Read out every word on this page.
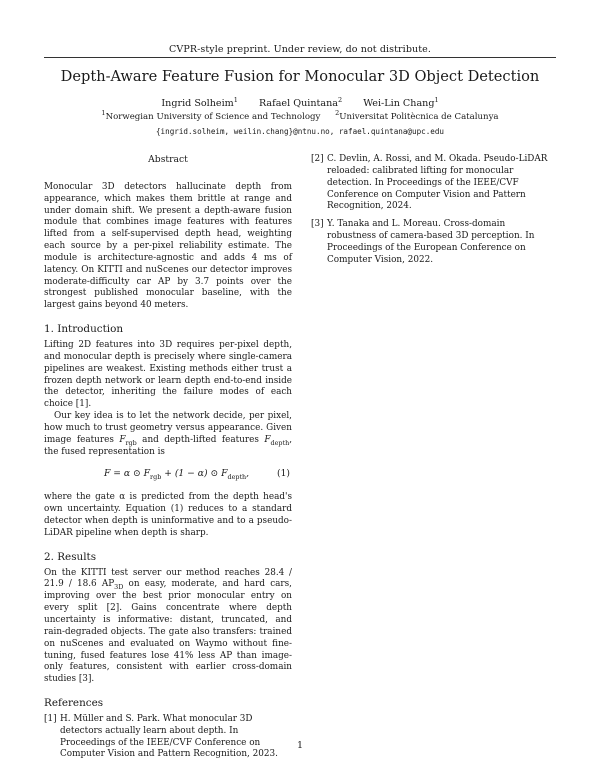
CVPR-style preprint. Under review, do not distribute.
Depth-Aware Feature Fusion for Monocular 3D Object Detection
Ingrid Solheim$^1$ Rafael Quintana$^2$ Wei-Lin Chang$^1$
$^1$Norwegian University of Science and Technology $^2$Universitat Politècnica de Catalunya
{ingrid.solheim, weilin.chang}@ntnu.no, rafael.quintana@upc.edu
Abstract

Monocular 3D detectors hallucinate depth from appearance, which makes them brittle at range and under domain shift. We present a depth-aware fusion module that combines image features with features lifted from a self-supervised depth head, weighting each source by a per-pixel reliability estimate. The module is architecture-agnostic and adds 4 ms of latency. On KITTI and nuScenes our detector improves moderate-difficulty car AP by 3.7 points over the strongest published monocular baseline, with the largest gains beyond 40 meters.

1. Introduction

Lifting 2D features into 3D requires per-pixel depth, and monocular depth is precisely where single-camera pipelines are weakest. Existing methods either trust a frozen depth network or learn depth end-to-end inside the detector, inheriting the failure modes of each choice [1].

Our key idea is to let the network decide, per pixel, how much to trust geometry versus appearance. Given image features $F_{rgb}$ and depth-lifted features $F_{depth}$, the fused representation is

F = α ⊙ $F_{rgb} + (1 - \alpha)$ ⊙ $F_{depth}$,	(1)

where the gate α is predicted from the depth head's own uncertainty. Equation (1) reduces to a standard detector when depth is uninformative and to a pseudo-LiDAR pipeline when depth is sharp.

2. Results

On the KITTI test server our method reaches 28.4 / 21.9 / 18.6 $AP_{3D}$ on easy, moderate, and hard cars, improving over the best prior monocular entry on every split [2]. Gains concentrate where depth uncertainty is informative: distant, truncated, and rain-degraded objects. The gate also transfers: trained on nuScenes and evaluated on Waymo without fine-tuning, fused features lose 41% less AP than image-only features, consistent with earlier cross-domain studies [3].

References
[1] H. Müller and S. Park. What monocular 3D detectors actually learn about depth. In Proceedings of the IEEE/CVF Conference on Computer Vision and Pattern Recognition, 2023.
[2] C. Devlin, A. Rossi, and M. Okada. Pseudo-LiDAR reloaded: calibrated lifting for monocular detection. In Proceedings of the IEEE/CVF Conference on Computer Vision and Pattern Recognition, 2024.
[3] Y. Tanaka and L. Moreau. Cross-domain robustness of camera-based 3D perception. In Proceedings of the European Conference on Computer Vision, 2022.
1
